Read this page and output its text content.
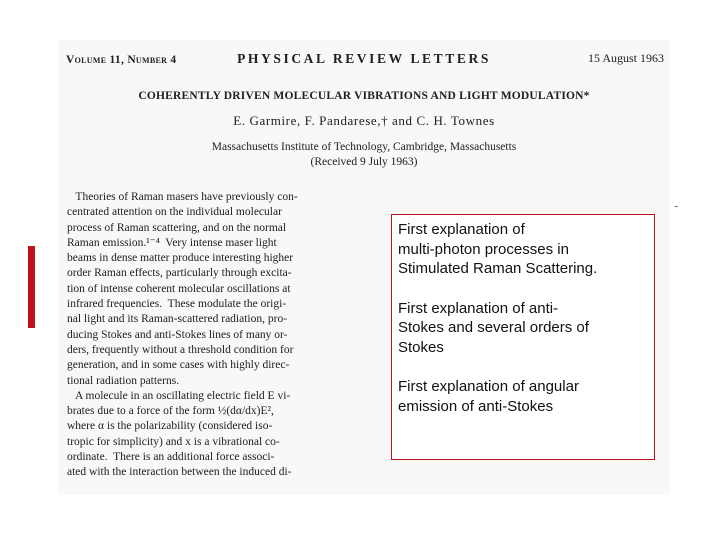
Volume 11, Number 4	PHYSICAL REVIEW LETTERS	15 August 1963
COHERENTLY DRIVEN MOLECULAR VIBRATIONS AND LIGHT MODULATION*
E. Garmire, F. Pandarese,† and C. H. Townes
Massachusetts Institute of Technology, Cambridge, Massachusetts
(Received 9 July 1963)
Theories of Raman masers have previously con-
centrated attention on the individual molecular
process of Raman scattering, and on the normal
Raman emission.¹⁻⁴  Very intense maser light
beams in dense matter produce interesting higher
order Raman effects, particularly through excita-
tion of intense coherent molecular oscillations at
infrared frequencies.  These modulate the origi-
nal light and its Raman-scattered radiation, pro-
ducing Stokes and anti-Stokes lines of many or-
ders, frequently without a threshold condition for
generation, and in some cases with highly direc-
tional radiation patterns.
A molecule in an oscillating electric field E vi-
brates due to a force of the form ½(dα/dx)E²,
where α is the polarizability (considered iso-
tropic for simplicity) and x is a vibrational co-
ordinate.  There is an additional force associ-
ated with the interaction between the induced di-
-

First explanation of
multi-photon processes in
Stimulated Raman Scattering.

First explanation of anti-
Stokes and several orders of
Stokes

First explanation of angular
emission of anti-Stokes
